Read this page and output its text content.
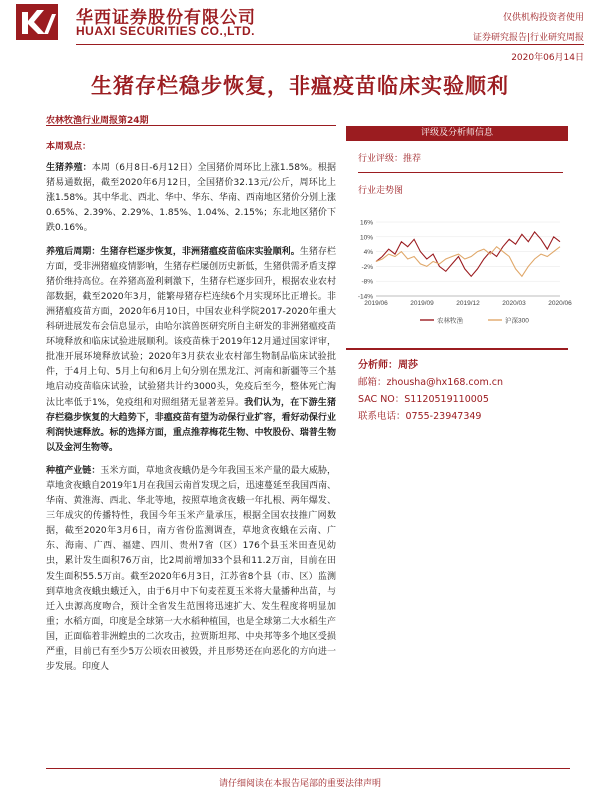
华西证券股份有限公司
HUAXI SECURITIES CO.,LTD.
仅供机构投资者使用
证券研究报告|行业研究周报
2020年06月14日
生猪存栏稳步恢复，非瘟疫苗临床实验顺利
农林牧渔行业周报第24期
本周观点：

生猪养殖：本周（6月8日-6月12日）全国猪价周环比上涨1.58%。根据猪易通数据，截至2020年6月12日，全国猪价32.13元/公斤，周环比上涨1.58%。其中华北、西北、华中、华东、华南、西南地区猪价分别上涨0.65%、2.39%、2.29%、1.85%、1.04%、2.15%；东北地区猪价下跌0.16%。

养殖后周期：生猪存栏逐步恢复，非洲猪瘟疫苗临床实验顺利。生猪存栏方面，受非洲猪瘟疫情影响，生猪存栏屡创历史新低，生猪供需矛盾支撑猪价维持高位。在养猪高盈利刺激下，生猪存栏逐步回升，根据农业农村部数据，截至2020年3月，能繁母猪存栏连续6个月实现环比正增长。非洲猪瘟疫苗方面，2020年6月10日，中国农业科学院2017-2020年重大科研进展发布会信息显示，由哈尔滨兽医研究所自主研发的非洲猪瘟疫苗环境释放和临床试验进展顺利。该疫苗株于2019年12月通过国家评审，批准开展环境释放试验；2020年3月获农业农村部生物制品临床试验批件，于4月上旬、5月上旬和6月上旬分别在黑龙江、河南和新疆等三个基地启动疫苗临床试验，试验猪共计约3000头，免疫后至今，整体死亡淘汰比率低于1%，免疫组和对照组猪无显著差异。我们认为，在下游生猪存栏稳步恢复的大趋势下，非瘟疫苗有望为动保行业扩容，看好动保行业利润快速释放。标的选择方面，重点推荐梅花生物、中牧股份、瑞普生物以及金河生物等。

种植产业链：玉米方面，草地贪夜蛾仍是今年我国玉米产量的最大威胁，草地贪夜蛾自2019年1月在我国云南首发现之后，迅速蔓延至我国西南、华南、黄淮海、西北、华北等地，按照草地贪夜蛾一年扎根、两年爆发、三年成灾的传播特性，我国今年玉米产量承压，根据全国农技推广网数据，截至2020年3月6日，南方省份监测调查，草地贪夜蛾在云南、广东、海南、广西、福建、四川、贵州7省（区）176个县玉米田查见幼虫，累计发生面积76万亩，比2周前增加33个县和11.2万亩，目前在田发生面积55.5万亩。截至2020年6月3日，江苏省8个县（市、区）监测到草地贪夜蛾虫蛾迁入，由于6月中下旬麦茬夏玉米将大量播种出苗，与迁入虫源高度吻合，预计全省发生范围将迅速扩大、发生程度将明显加重；水稻方面，印度是全球第一大水稻种植国，也是全球第二大水稻生产国，正面临着非洲蝗虫的二次攻击，拉贾斯坦邦、中央邦等多个地区受损严重，目前已有至少5万公顷农田被毁，并且形势还在向恶化的方向进一步发展。印度人

评级及分析师信息
行业评级：推荐
行业走势图
16%
10%
4%
-2%
-8%
-14%
2019/06	2019/09	2019/12	2020/03	2020/06
农林牧渔	沪深300
分析师：周莎
邮箱：zhousha@hx168.com.cn
SAC NO：S1120519110005
联系电话：0755-23947349
请仔细阅读在本报告尾部的重要法律声明
